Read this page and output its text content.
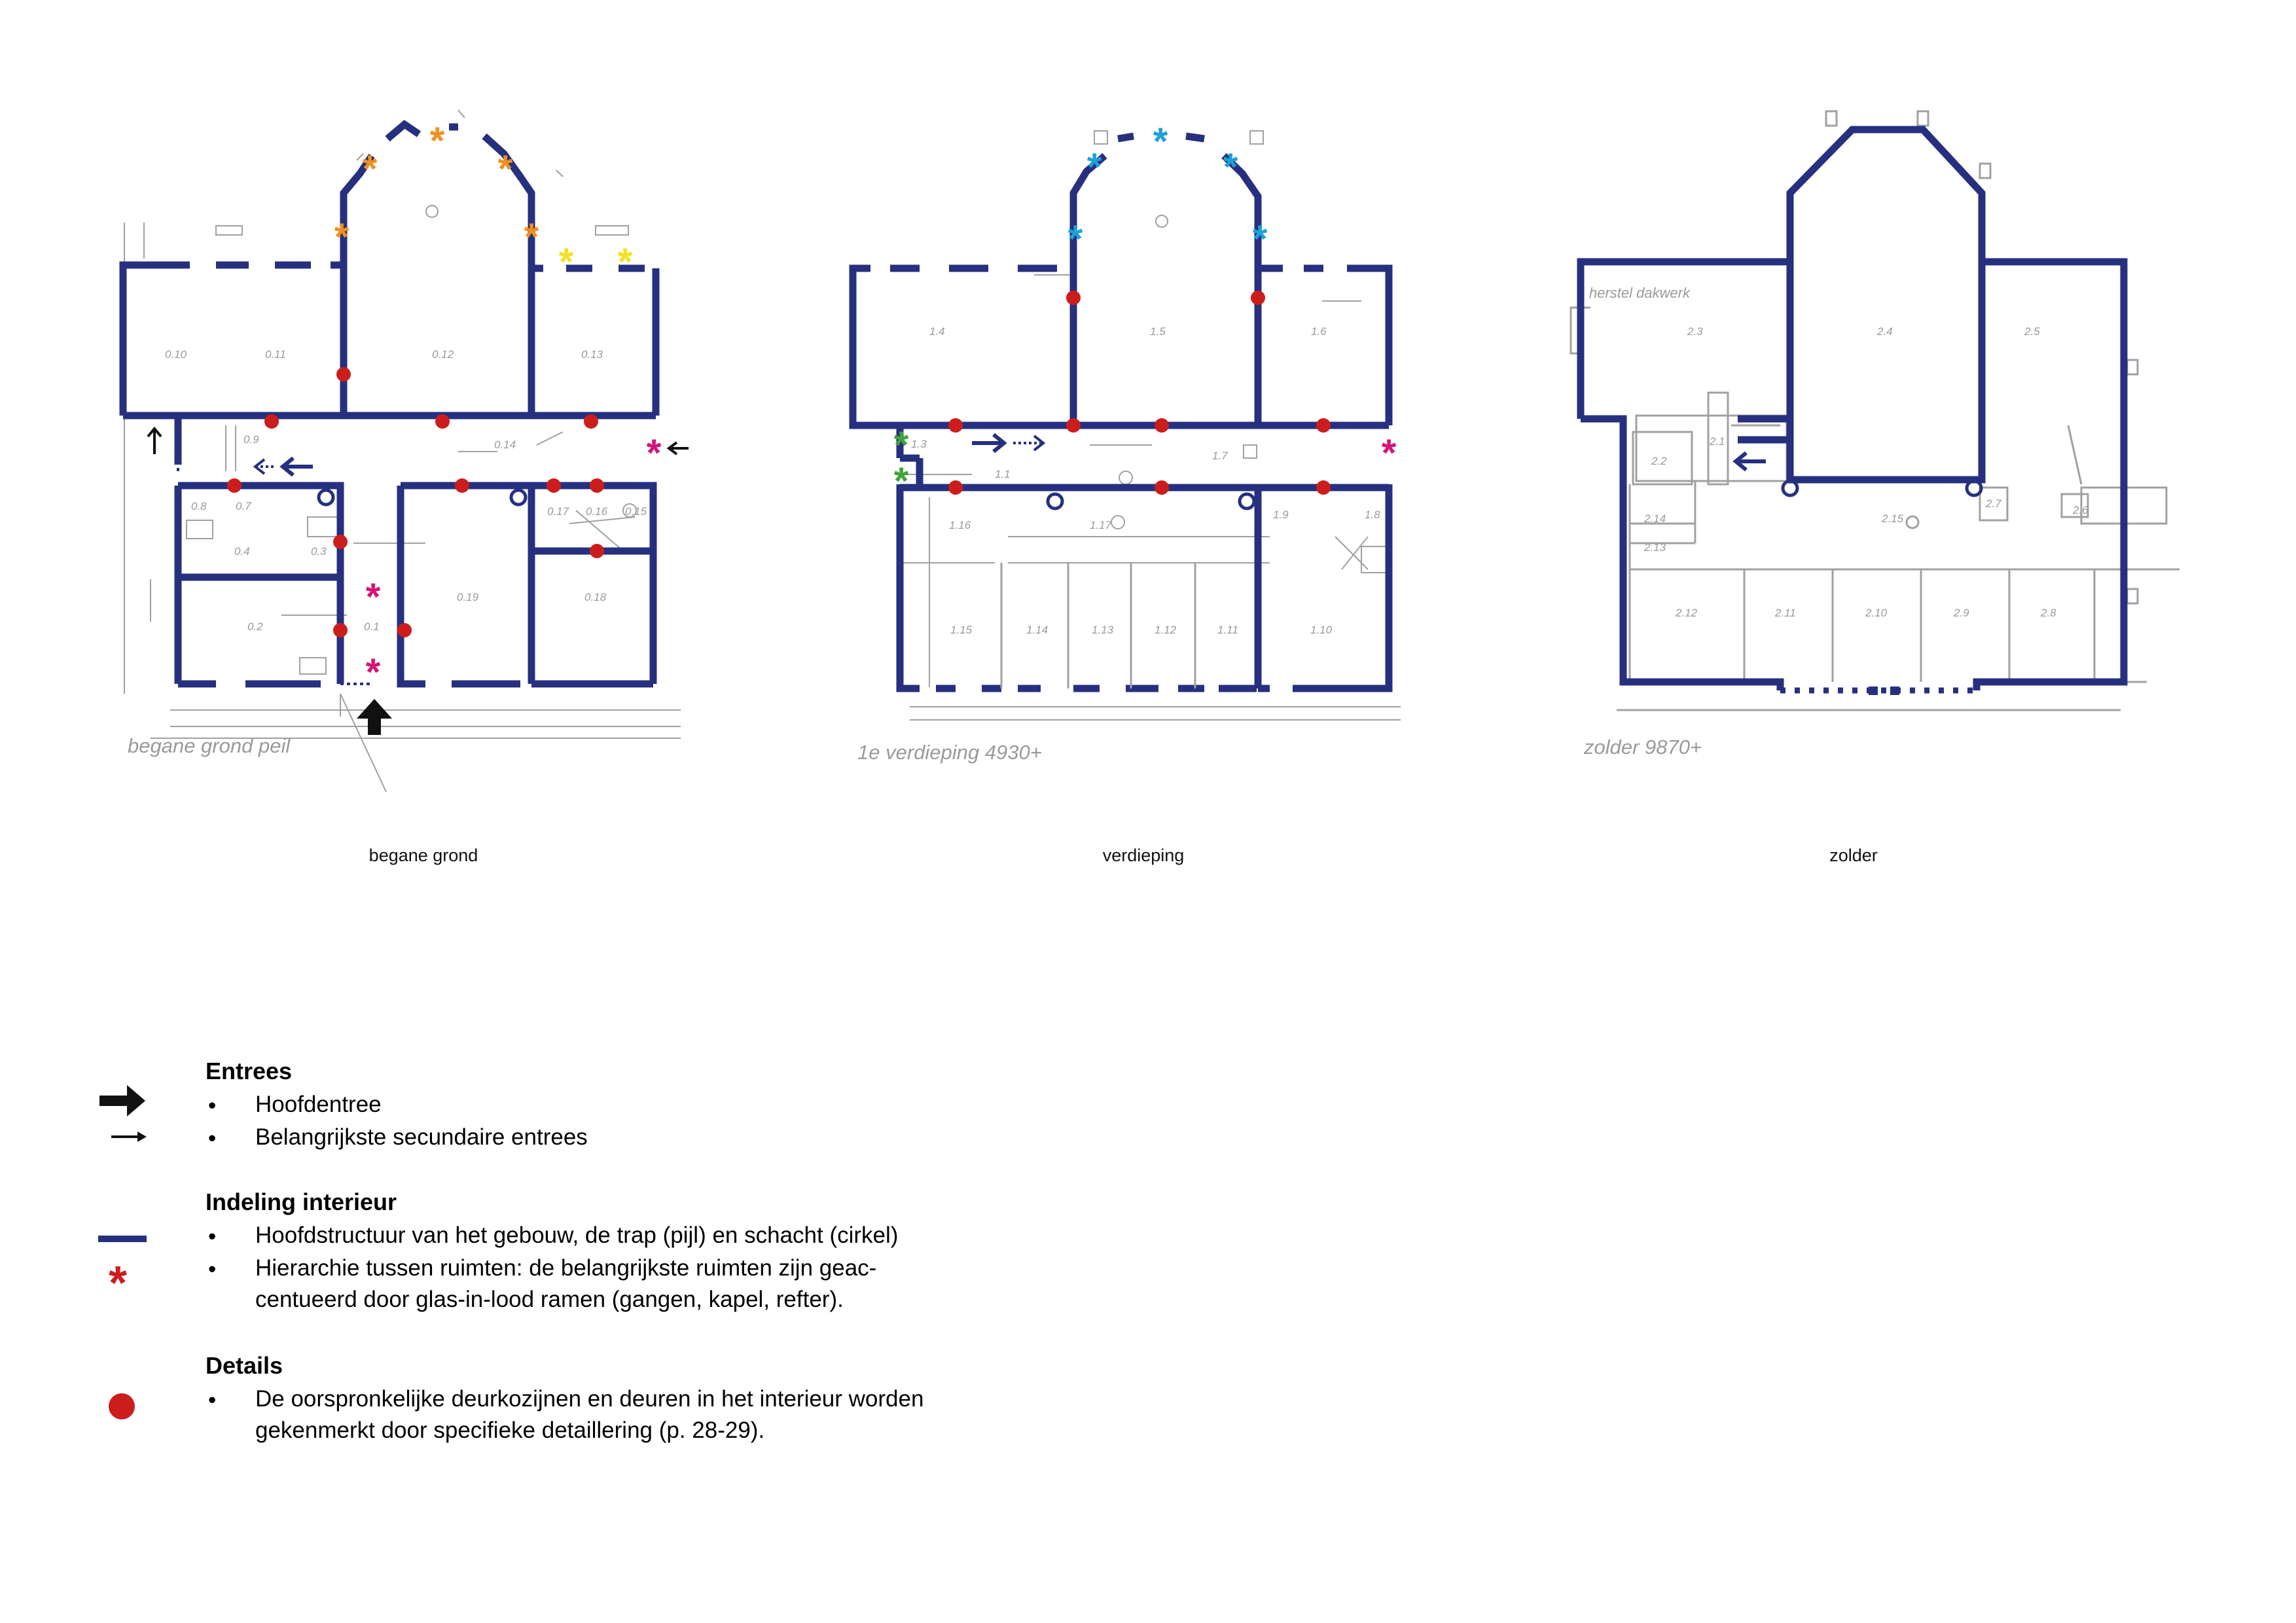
*
*
*
*
*
* *
*
*
*
0.10	0.11	0.12	0.13
0.9	0.14
0.8	0.7
0.4	0.3
0.2	0.1
0.19
0.17 0.16 0.15
0.18
begane grond peil
*
*
*
*
*
*
*
*
1.4	1.5	1.6
1.3
1.1
1.7
1.16	1.17
1.9	1.8
1.15	1.14	1.13	1.12	1.11	1.10
1e verdieping 4930+
2.3	2.4	2.5
2.2
2.1
2.15
2.14
2.13
2.7
2.6
2.12	2.11	2.10	2.9	2.8
herstel dakwerk
zolder 9870+
begane grond	verdieping	zolder
Entrees
• Hoofdentree
• Belangrijkste secundaire entrees
Indeling interieur
• Hoofdstructuur van het gebouw, de trap (pijl) en schacht (cirkel)
*	• Hierarchie tussen ruimten: de belangrijkste ruimten zijn geac-
centueerd door glas-in-lood ramen (gangen, kapel, refter).
Details
• De oorspronkelijke deurkozijnen en deuren in het interieur worden
gekenmerkt door specifieke detaillering (p. 28-29).
